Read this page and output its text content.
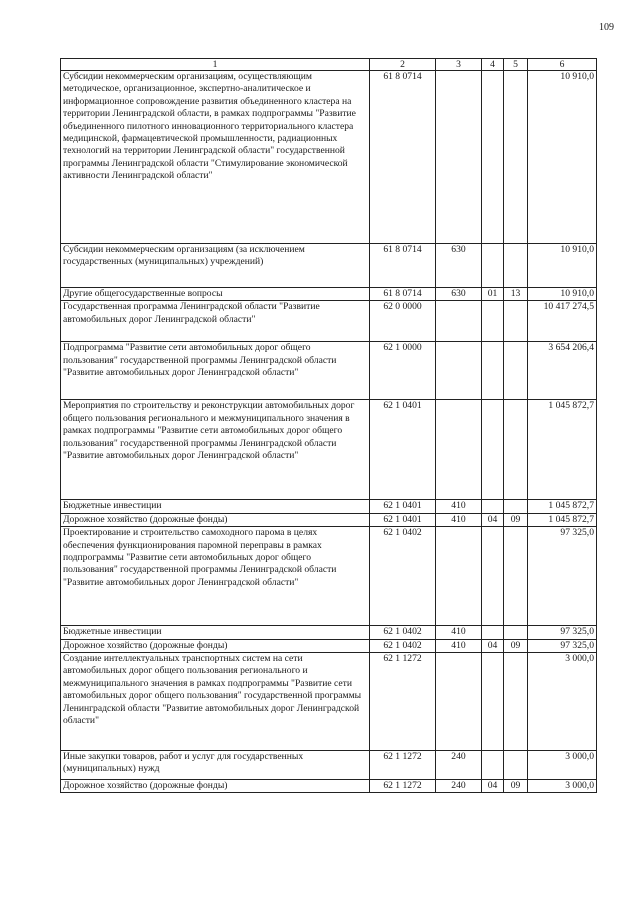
109
1	2	3	4	5	6
Субсидии некоммерческим организациям, осуществляющим методическое, организационное, экспертно-аналитическое и информационное сопровождение развития объединенного кластера на территории Ленинградской области, в рамках подпрограммы "Развитие объединенного пилотного инновационного территориального кластера медицинской, фармацевтической промышленности, радиационных технологий на территории Ленинградской области" государственной программы Ленинградской области "Стимулирование экономической активности Ленинградской области"	61 8 0714				10 910,0
Субсидии некоммерческим организациям (за исключением государственных (муниципальных) учреждений)	61 8 0714	630			10 910,0
Другие общегосударственные вопросы	61 8 0714	630	01	13	10 910,0
Государственная программа Ленинградской области "Развитие автомобильных дорог Ленинградской области"	62 0 0000				10 417 274,5
Подпрограмма "Развитие сети автомобильных дорог общего пользования" государственной программы Ленинградской области "Развитие автомобильных дорог Ленинградской области"	62 1 0000				3 654 206,4
Мероприятия по строительству и реконструкции автомобильных дорог общего пользования регионального и межмуниципального значения в рамках подпрограммы "Развитие сети автомобильных дорог общего пользования" государственной программы Ленинградской области "Развитие автомобильных дорог Ленинградской области"	62 1 0401				1 045 872,7
Бюджетные инвестиции	62 1 0401	410			1 045 872,7
Дорожное хозяйство (дорожные фонды)	62 1 0401	410	04	09	1 045 872,7
Проектирование и строительство самоходного парома в целях обеспечения функционирования паромной переправы в рамках подпрограммы "Развитие сети автомобильных дорог общего пользования" государственной программы Ленинградской области "Развитие автомобильных дорог Ленинградской области"	62 1 0402				97 325,0
Бюджетные инвестиции	62 1 0402	410			97 325,0
Дорожное хозяйство (дорожные фонды)	62 1 0402	410	04	09	97 325,0
Создание интеллектуальных транспортных систем на сети автомобильных дорог общего пользования регионального и межмуниципального значения в рамках подпрограммы "Развитие сети автомобильных дорог общего пользования" государственной программы Ленинградской области "Развитие автомобильных дорог Ленинградской области"	62 1 1272				3 000,0
Иные закупки товаров, работ и услуг для государственных (муниципальных) нужд	62 1 1272	240			3 000,0
Дорожное хозяйство (дорожные фонды)	62 1 1272	240	04	09	3 000,0
